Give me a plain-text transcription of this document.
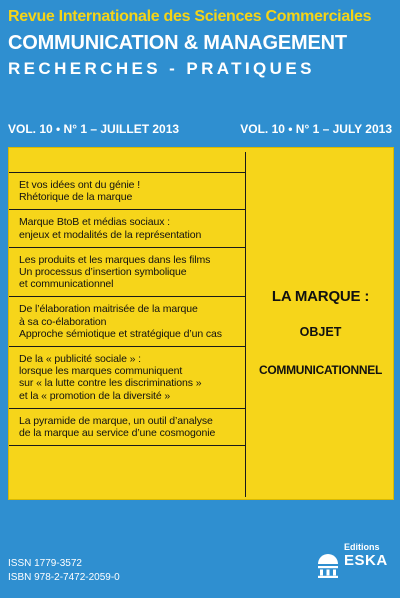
Revue Internationale des Sciences Commerciales
COMMUNICATION & MANAGEMENT
RECHERCHES - PRATIQUES
VOL. 10 • N° 1 – JUILLET 2013	VOL. 10 • N° 1 – JULY 2013
Et vos idées ont du génie !
Rhétorique de la marque
Marque BtoB et médias sociaux :
enjeux et modalités de la représentation
Les produits et les marques dans les films
Un processus d’insertion symbolique
et communicationnel
De l’élaboration maitrisée de la marque
à sa co-élaboration
Approche sémiotique et stratégique d’un cas
De la « publicité sociale » :
lorsque les marques communiquent
sur « la lutte contre les discriminations »
et la « promotion de la diversité »
La pyramide de marque, un outil d’analyse
de la marque au service d’une cosmogonie
LA MARQUE :
OBJET
COMMUNICATIONNEL
ISSN 1779-3572
ISBN 978-2-7472-2059-0
Editions
ESKA
